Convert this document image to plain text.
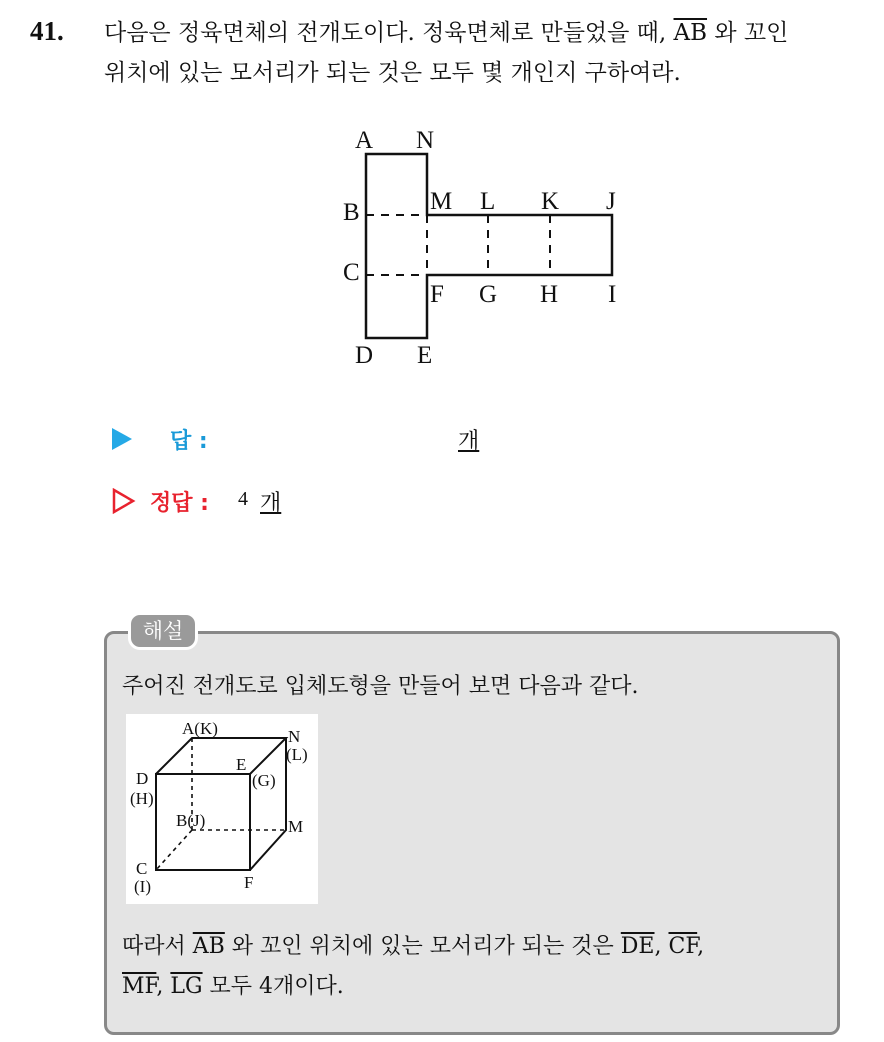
41. 다음은 정육면체의 전개도이다. 정육면체로 만들었을 때, $\overline{AB}$ 와 꼬인
위치에 있는 모서리가 되는 것은 모두 몇 개인지 구하여라.
A N
B	M L K J
C
F G H I
D E
답 :	개
정답 : 4 개
해설
주어진 전개도로 입체도형을 만들어 보면 다음과 같다.
A(K)	N
(L)
D
(H)
E
(G)
B(J)	M
C
(I)	F
따라서 $\overline{AB}$ 와 꼬인 위치에 있는 모서리가 되는 것은 $\overline{DE}$, $\overline{CF}$,
$\overline{MF}$, $\overline{LG}$ 모두 4개이다.
